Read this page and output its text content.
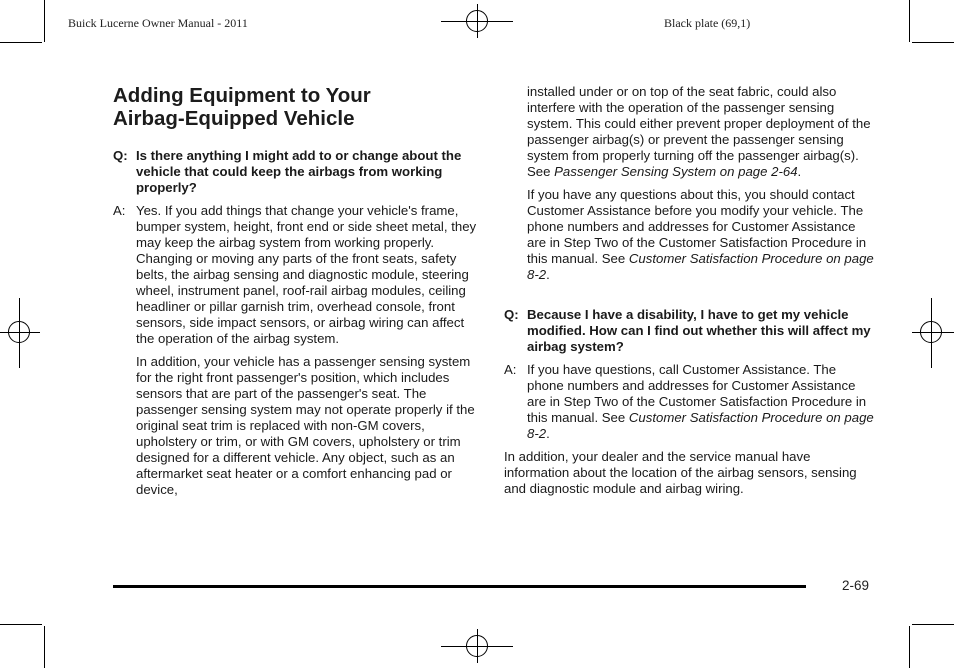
Buick Lucerne Owner Manual - 2011	Black plate (69,1)
Adding Equipment to Your
Airbag-Equipped Vehicle
Q: Is there anything I might add to or change about the vehicle that could keep the airbags from working properly?
A: Yes. If you add things that change your vehicle's frame, bumper system, height, front end or side sheet metal, they may keep the airbag system from working properly. Changing or moving any parts of the front seats, safety belts, the airbag sensing and diagnostic module, steering wheel, instrument panel, roof-rail airbag modules, ceiling headliner or pillar garnish trim, overhead console, front sensors, side impact sensors, or airbag wiring can affect the operation of the airbag system.

In addition, your vehicle has a passenger sensing system for the right front passenger's position, which includes sensors that are part of the passenger's seat. The passenger sensing system may not operate properly if the original seat trim is replaced with non-GM covers, upholstery or trim, or with GM covers, upholstery or trim designed for a different vehicle. Any object, such as an aftermarket seat heater or a comfort enhancing pad or device,

installed under or on top of the seat fabric, could also interfere with the operation of the passenger sensing system. This could either prevent proper deployment of the passenger airbag(s) or prevent the passenger sensing system from properly turning off the passenger airbag(s). See Passenger Sensing System on page 2-64.

If you have any questions about this, you should contact Customer Assistance before you modify your vehicle. The phone numbers and addresses for Customer Assistance are in Step Two of the Customer Satisfaction Procedure in this manual. See Customer Satisfaction Procedure on page 8-2.

Q: Because I have a disability, I have to get my vehicle modified. How can I find out whether this will affect my airbag system?
A: If you have questions, call Customer Assistance. The phone numbers and addresses for Customer Assistance are in Step Two of the Customer Satisfaction Procedure in this manual. See Customer Satisfaction Procedure on page 8-2.

In addition, your dealer and the service manual have information about the location of the airbag sensors, sensing and diagnostic module and airbag wiring.

2-69
